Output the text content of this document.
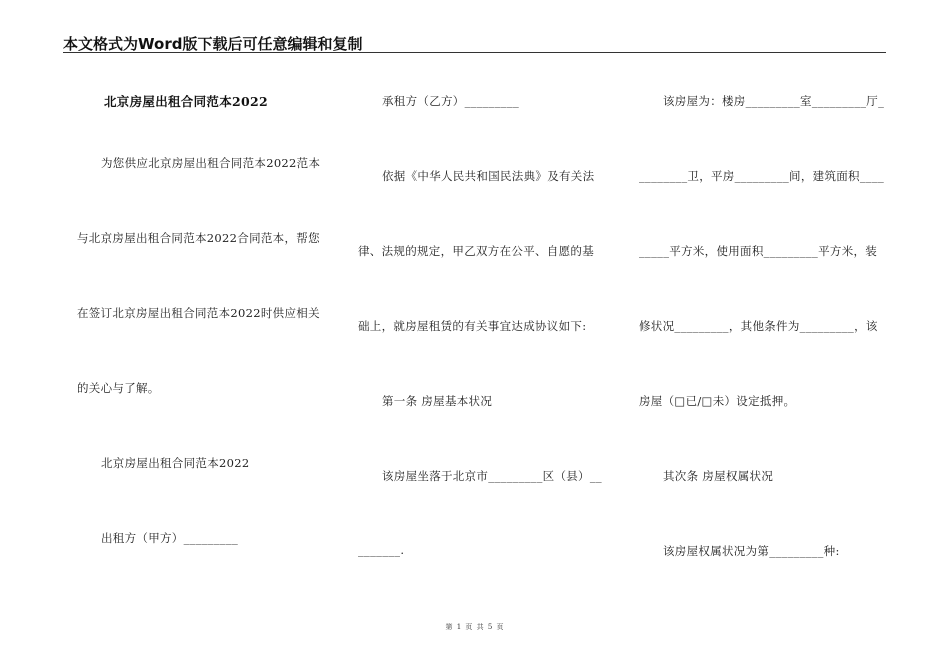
本文格式为Word版下载后可任意编辑和复制
北京房屋出租合同范本2022
为您供应北京房屋出租合同范本2022范本
与北京房屋出租合同范本2022合同范本，帮您
在签订北京房屋出租合同范本2022时供应相关
的关心与了解。
北京房屋出租合同范本2022
出租方（甲方）_________
承租方（乙方）_________
依据《中华人民共和国民法典》及有关法
律、法规的规定，甲乙双方在公平、自愿的基
础上，就房屋租赁的有关事宜达成协议如下:
第一条 房屋基本状况
该房屋坐落于北京市_________区（县）__
_______.
该房屋为：楼房_________室_________厅_
________卫，平房_________间，建筑面积____
_____平方米，使用面积_________平方米，装
修状况_________，其他条件为_________，该
房屋（□已/□未）设定抵押。
其次条 房屋权属状况
该房屋权属状况为第_________种:
第 1 页 共 5 页
